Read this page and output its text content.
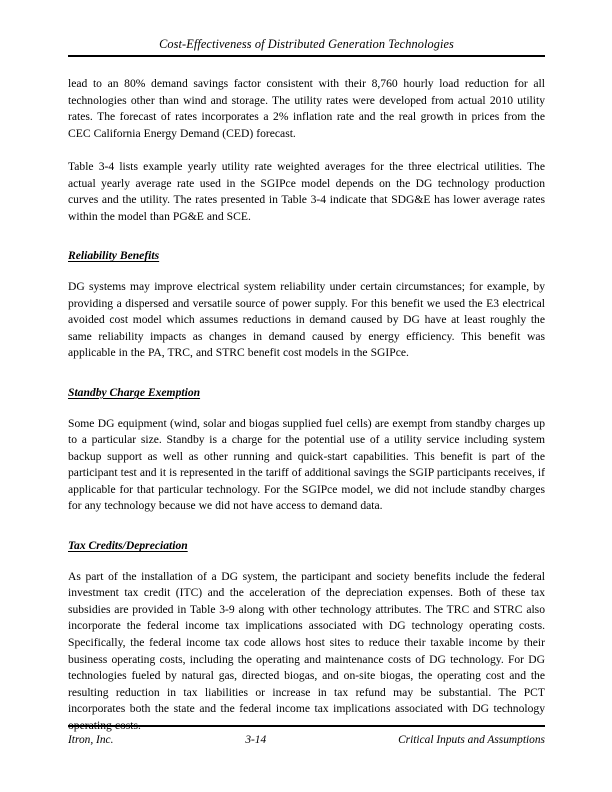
Cost-Effectiveness of Distributed Generation Technologies

lead to an 80% demand savings factor consistent with their 8,760 hourly load reduction for all technologies other than wind and storage. The utility rates were developed from actual 2010 utility rates. The forecast of rates incorporates a 2% inflation rate and the real growth in prices from the CEC California Energy Demand (CED) forecast.

Table 3-4 lists example yearly utility rate weighted averages for the three electrical utilities. The actual yearly average rate used in the SGIPce model depends on the DG technology production curves and the utility. The rates presented in Table 3-4 indicate that SDG&E has lower average rates within the model than PG&E and SCE.

Reliability Benefits

DG systems may improve electrical system reliability under certain circumstances; for example, by providing a dispersed and versatile source of power supply. For this benefit we used the E3 electrical avoided cost model which assumes reductions in demand caused by DG have at least roughly the same reliability impacts as changes in demand caused by energy efficiency. This benefit was applicable in the PA, TRC, and STRC benefit cost models in the SGIPce.

Standby Charge Exemption

Some DG equipment (wind, solar and biogas supplied fuel cells) are exempt from standby charges up to a particular size. Standby is a charge for the potential use of a utility service including system backup support as well as other running and quick-start capabilities. This benefit is part of the participant test and it is represented in the tariff of additional savings the SGIP participants receives, if applicable for that particular technology. For the SGIPce model, we did not include standby charges for any technology because we did not have access to demand data.

Tax Credits/Depreciation

As part of the installation of a DG system, the participant and society benefits include the federal investment tax credit (ITC) and the acceleration of the depreciation expenses. Both of these tax subsidies are provided in Table 3-9 along with other technology attributes. The TRC and STRC also incorporate the federal income tax implications associated with DG technology operating costs. Specifically, the federal income tax code allows host sites to reduce their taxable income by their business operating costs, including the operating and maintenance costs of DG technology. For DG technologies fueled by natural gas, directed biogas, and on-site biogas, the operating cost and the resulting reduction in tax liabilities or increase in tax refund may be substantial. The PCT incorporates both the state and the federal income tax implications associated with DG technology operating costs.

Itron, Inc.	3-14	Critical Inputs and Assumptions
